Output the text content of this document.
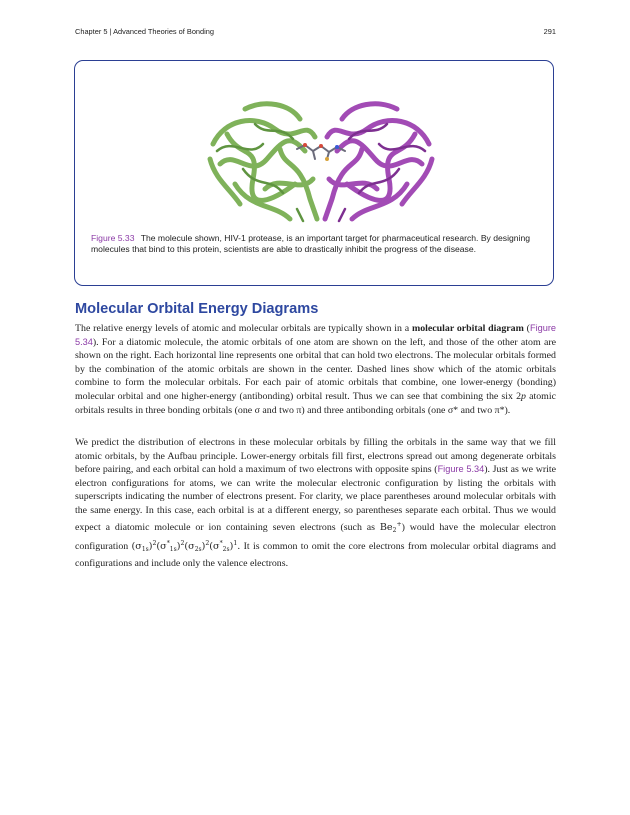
Chapter 5 | Advanced Theories of Bonding	291
Figure 5.33 The molecule shown, HIV-1 protease, is an important target for pharmaceutical research. By designing molecules that bind to this protein, scientists are able to drastically inhibit the progress of the disease.
Molecular Orbital Energy Diagrams

The relative energy levels of atomic and molecular orbitals are typically shown in a molecular orbital diagram (Figure 5.34). For a diatomic molecule, the atomic orbitals of one atom are shown on the left, and those of the other atom are shown on the right. Each horizontal line represents one orbital that can hold two electrons. The molecular orbitals formed by the combination of the atomic orbitals are shown in the center. Dashed lines show which of the atomic orbitals combine to form the molecular orbitals. For each pair of atomic orbitals that combine, one lower-energy (bonding) molecular orbital and one higher-energy (antibonding) orbital result. Thus we can see that combining the six 2p atomic orbitals results in three bonding orbitals (one σ and two π) and three antibonding orbitals (one σ* and two π*).

We predict the distribution of electrons in these molecular orbitals by filling the orbitals in the same way that we fill atomic orbitals, by the Aufbau principle. Lower-energy orbitals fill first, electrons spread out among degenerate orbitals before pairing, and each orbital can hold a maximum of two electrons with opposite spins (Figure 5.34). Just as we write electron configurations for atoms, we can write the molecular electronic configuration by listing the orbitals with superscripts indicating the number of electrons present. For clarity, we place parentheses around molecular orbitals with the same energy. In this case, each orbital is at a different energy, so parentheses separate each orbital. Thus we would expect a diatomic molecule or ion containing seven electrons (such as $Be_2^+$) would have the molecular electron configuration $(\sigma_{1s})^2(\sigma^*_{1s})^2(\sigma_{2s})^2(\sigma^*_{2s})^1$. It is common to omit the core electrons from molecular orbital diagrams and configurations and include only the valence electrons.
